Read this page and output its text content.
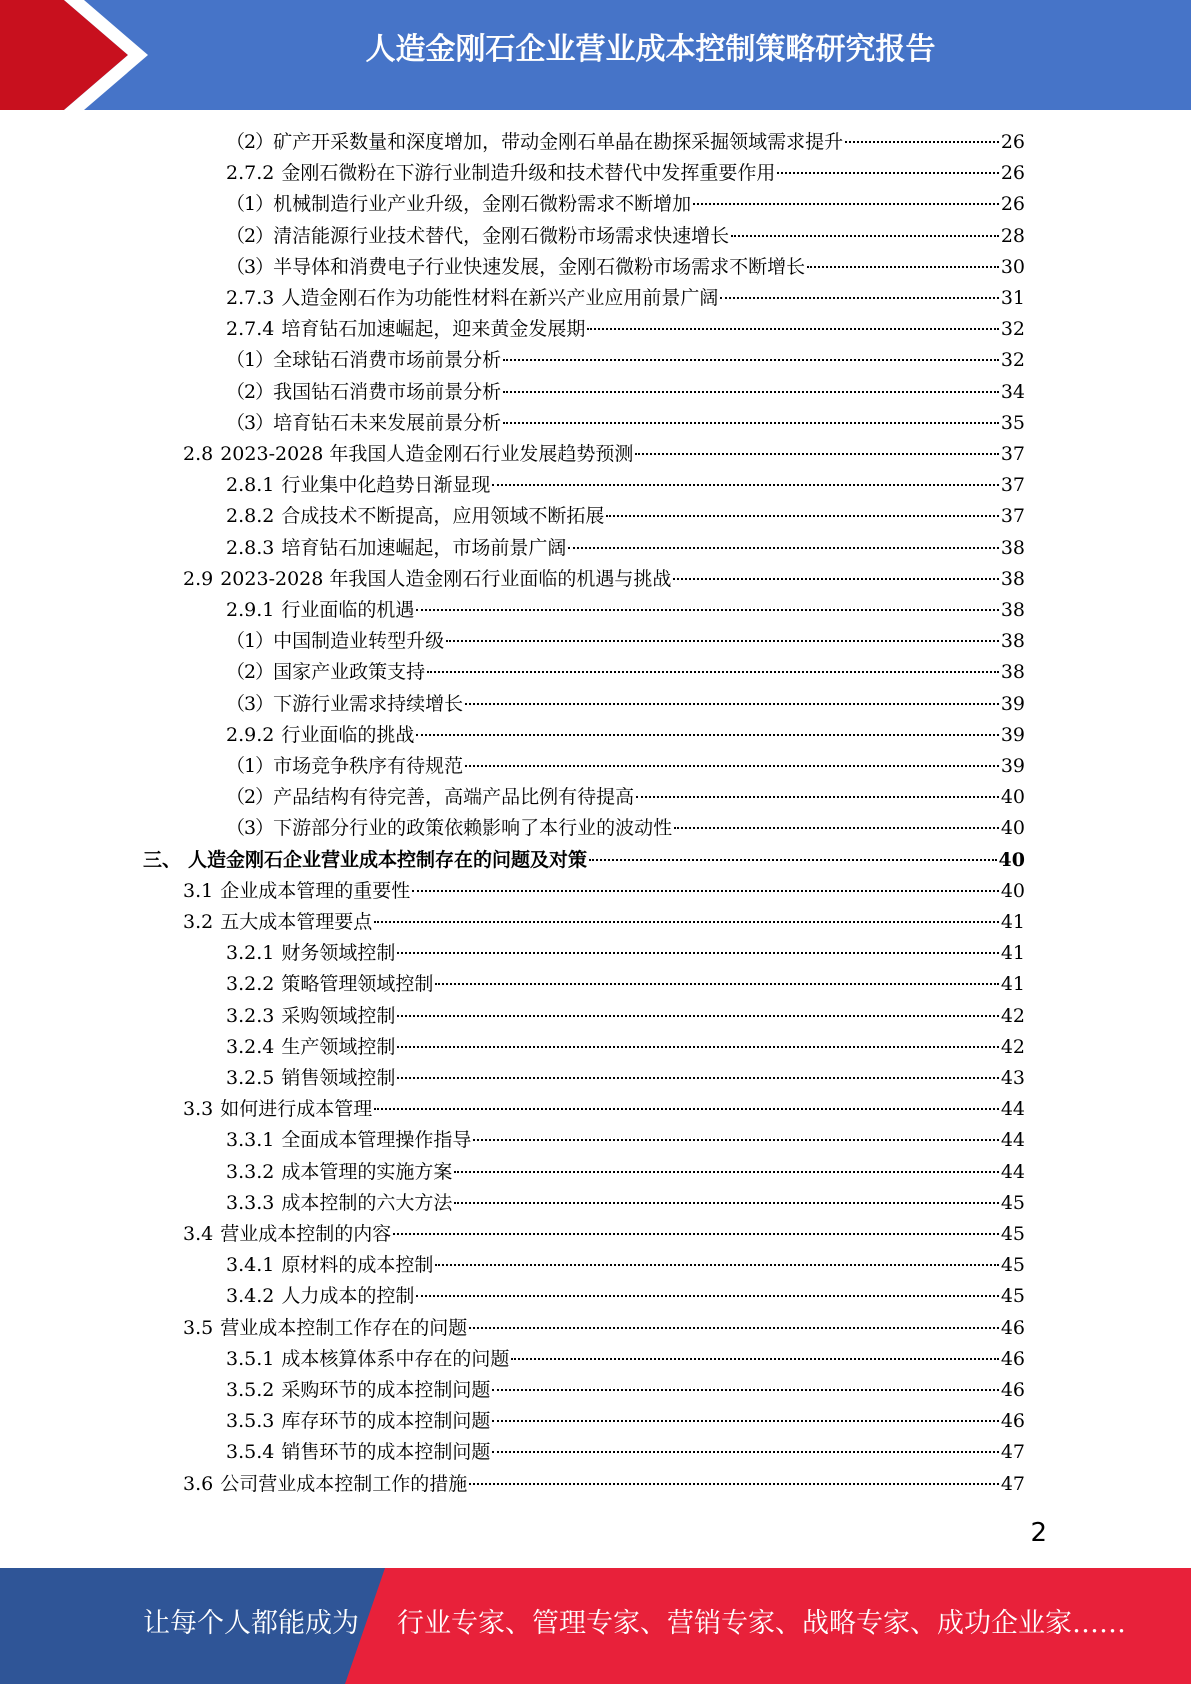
人造金刚石企业营业成本控制策略研究报告
（2） 矿产开采数量和深度增加，带动金刚石单晶在勘探采掘领域需求提升	26
2.7.2 金刚石微粉在下游行业制造升级和技术替代中发挥重要作用	26
（1） 机械制造行业产业升级，金刚石微粉需求不断增加	26
（2） 清洁能源行业技术替代，金刚石微粉市场需求快速增长	28
（3） 半导体和消费电子行业快速发展，金刚石微粉市场需求不断增长	30
2.7.3 人造金刚石作为功能性材料在新兴产业应用前景广阔	31
2.7.4 培育钻石加速崛起，迎来黄金发展期	32
（1） 全球钻石消费市场前景分析	32
（2） 我国钻石消费市场前景分析	34
（3） 培育钻石未来发展前景分析	35
2.8 2023-2028 年我国人造金刚石行业发展趋势预测	37
2.8.1 行业集中化趋势日渐显现	37
2.8.2 合成技术不断提高，应用领域不断拓展	37
2.8.3 培育钻石加速崛起，市场前景广阔	38
2.9 2023-2028 年我国人造金刚石行业面临的机遇与挑战	38
2.9.1 行业面临的机遇	38
（1） 中国制造业转型升级	38
（2） 国家产业政策支持	38
（3） 下游行业需求持续增长	39
2.9.2 行业面临的挑战	39
（1） 市场竞争秩序有待规范	39
（2） 产品结构有待完善，高端产品比例有待提高	40
（3） 下游部分行业的政策依赖影响了本行业的波动性	40
三、 人造金刚石企业营业成本控制存在的问题及对策	40
3.1 企业成本管理的重要性	40
3.2 五大成本管理要点	41
3.2.1 财务领域控制	41
3.2.2 策略管理领域控制	41
3.2.3 采购领域控制	42
3.2.4 生产领域控制	42
3.2.5 销售领域控制	43
3.3 如何进行成本管理	44
3.3.1 全面成本管理操作指导	44
3.3.2 成本管理的实施方案	44
3.3.3 成本控制的六大方法	45
3.4 营业成本控制的内容	45
3.4.1 原材料的成本控制	45
3.4.2 人力成本的控制	45
3.5 营业成本控制工作存在的问题	46
3.5.1 成本核算体系中存在的问题	46
3.5.2 采购环节的成本控制问题	46
3.5.3 库存环节的成本控制问题	46
3.5.4 销售环节的成本控制问题	47
3.6 公司营业成本控制工作的措施	47
2
让每个人都能成为 行业专家、管理专家、营销专家、战略专家、成功企业家……
